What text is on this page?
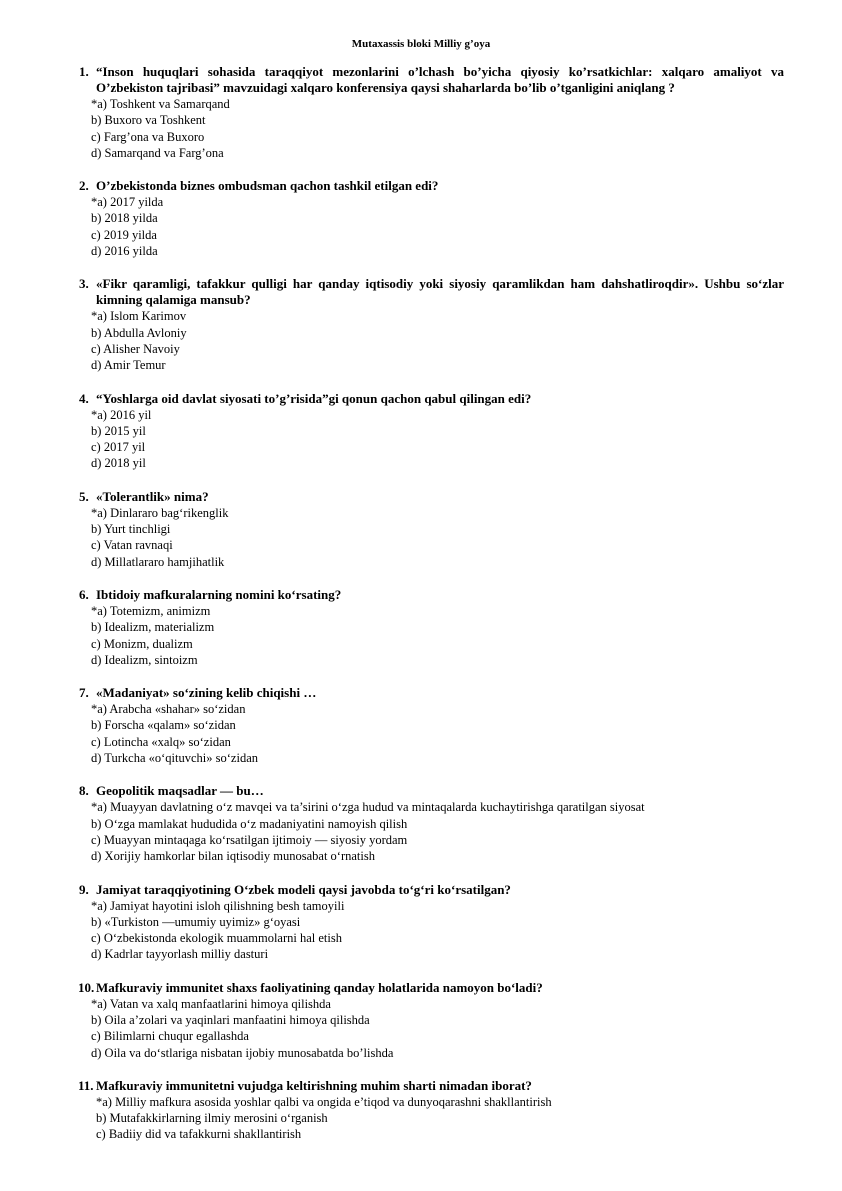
Mutaxassis bloki Milliy g’oya
1. “Inson huquqlari sohasida taraqqiyot mezonlarini o’lchash bo’yicha qiyosiy ko’rsatkichlar: xalqaro amaliyot va O’zbekiston tajribasi” mavzuidagi xalqaro konferensiya qaysi shaharlarda bo’lib o’tganligini aniqlang ?
*a) Toshkent va Samarqand
b) Buxoro va Toshkent
c) Farg’ona va Buxoro
d) Samarqand va Farg’ona
2. O’zbekistonda biznes ombudsman qachon tashkil etilgan edi?
*a) 2017 yilda
b) 2018 yilda
c) 2019 yilda
d) 2016 yilda
3. «Fikr qaramligi, tafakkur qulligi har qanday iqtisodiy yoki siyosiy qaramlikdan ham dahshatliroqdir». Ushbu so‘zlar kimning qalamiga mansub?
*a) Islom Karimov
b) Abdulla Avloniy
c) Alisher Navoiy
d) Amir Temur
4. “Yoshlarga oid davlat siyosati to’g’risida”gi qonun qachon qabul qilingan edi?
*a) 2016 yil
b) 2015 yil
c) 2017 yil
d) 2018 yil
5. «Tolerantlik» nima?
*a) Dinlararo bag‘rikenglik
b) Yurt tinchligi
c) Vatan ravnaqi
d) Millatlararo hamjihatlik
6. Ibtidoiy mafkuralarning nomini ko‘rsating?
*a) Totemizm, animizm
b) Idealizm, materializm
c) Monizm, dualizm
d) Idealizm, sintoizm
7. «Madaniyat» so‘zining kelib chiqishi …
*a) Arabcha «shahar» so‘zidan
b) Forscha «qalam» so‘zidan
c) Lotincha «xalq» so‘zidan
d) Turkcha «o‘qituvchi» so‘zidan
8. Geopolitik maqsadlar — bu…
*a) Muayyan davlatning o‘z mavqei va ta’sirini o‘zga hudud va mintaqalarda kuchaytirishga qaratilgan siyosat
b) O‘zga mamlakat hududida o‘z madaniyatini namoyish qilish
c) Muayyan mintaqaga ko‘rsatilgan ijtimoiy — siyosiy yordam
d) Xorijiy hamkorlar bilan iqtisodiy munosabat o‘rnatish
9. Jamiyat taraqqiyotining O‘zbek modeli qaysi javobda to‘g‘ri ko‘rsatilgan?
*a) Jamiyat hayotini isloh qilishning besh tamoyili
b) «Turkiston —umumiy uyimiz» g‘oyasi
c) O‘zbekistonda ekologik muammolarni hal etish
d) Kadrlar tayyorlash milliy dasturi
10. Mafkuraviy immunitet shaxs faoliyatining qanday holatlarida namoyon bo‘ladi?
*a) Vatan va xalq manfaatlarini himoya qilishda
b) Oila a’zolari va yaqinlari manfaatini himoya qilishda
c) Bilimlarni chuqur egallashda
d) Oila va do‘stlariga nisbatan ijobiy munosabatda bo’lishda
11. Mafkuraviy immunitetni vujudga keltirishning muhim sharti nimadan iborat?
*a) Milliy mafkura asosida yoshlar qalbi va ongida e’tiqod va dunyoqarashni shakllantirish
b) Mutafakkirlarning ilmiy merosini o‘rganish
c) Badiiy did va tafakkurni shakllantirish
